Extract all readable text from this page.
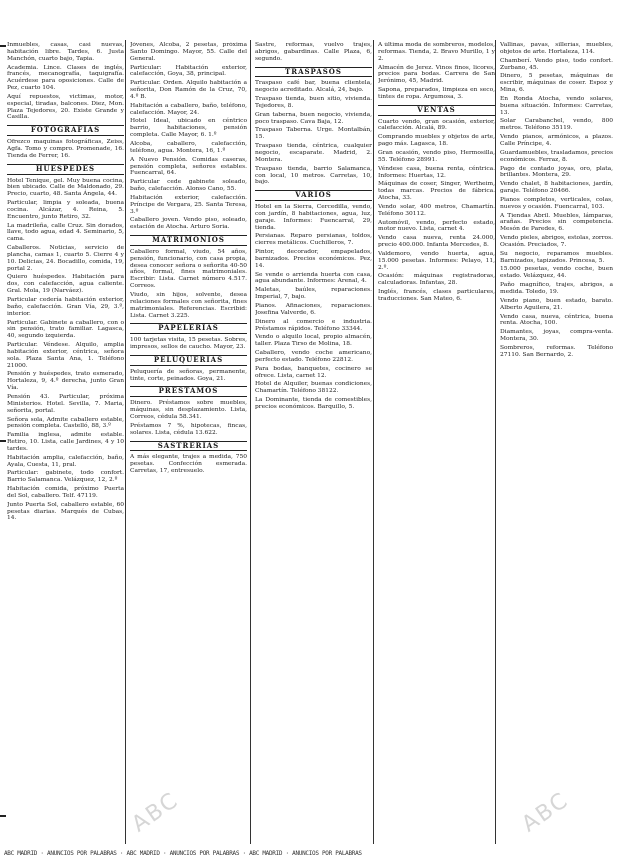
Inmuebles, casas, casi nuevas, habitación libre. Tardes, 6. Justa Manchón, cuarto bajo, Tapia.
Academia. Lince. Clases de inglés, francés, mecanografía, taquigrafía. Acuérdese para oposiciones. Calle de Pez, cuarto 104.
Aquí repuestos, victimas, motor, especial, tiradas, balcones. Diez, Mon. Plaza Tejedores, 20. Existe Grande y Casilla.
FOTOGRAFIAS
Ofrezco maquinas fotográficas, Zeiss, Agfa. Tomo y compro. Promenade, 16. Tienda de Ferrer, 16.
HUESPEDES
Hotel Tenique, gel. Muy buena cocina, bien ubicado. Calle de Maldonado, 29. Precio, cuarto, 48. Santa Ángela, 44.
Particular, limpia y soleada, buena cocina. Alcázar, 4. Reina, 5. Encuentro, junto Retiro, 32.
La madrileña, calle Cruz. Sin dorados, llave, todo agua, edad 4. Seminario, 5, cama.
Caballeros. Noticias, servicio de plancha, camas 1, cuarto 5. Cierre 4 y 10. Delicias, 24. Bocadillo, comida, 19, portal 2.
Quiero huéspedes. Habitación para dos, con calefacción, agua caliente. Gral. Mola, 19 (Narváez).
Particular cedería habitación exterior, baño, calefacción. Gran Vía, 29, 3.º, interior.
Particular. Gabinete a caballero, con o sin pensión, trato familiar. Lagasca, 40, segundo izquierda.
Particular. Véndese. Alquilo, amplia habitación exterior, céntrica, señora sola. Plaza Santa Ana, 1. Teléfono 21000.
Pensión y huéspedes, trato esmerado, Hortaleza, 9, 4.º derecha, junto Gran Vía.
Pensión 43. Particular, próxima Ministerios. Hotel. Sevilla, 7. Maria, señorita, portal.
Señora sola, Admite caballero estable, pensión completa. Castelló, 88, 3.º
Familia inglesa, admite estable. Retiro, 10. Lista, calle Jardines, 4 y 10 tardes.
Habitación amplia, calefacción, baño, Ayala, Cuesta, 11, pral.
Particular: gabinete, todo confort. Barrio Salamanca. Velázquez, 12, 2.º
Habitación comida, próximo Puerta del Sol, caballero. Telf. 47119.
Junto Puerta Sol, caballero estable, 60 pesetas diarias. Marqués de Cubas, 14.
Jóvenes, Alcoba, 2 pesetas, próxima Santo Domingo. Mayor, 55. Calle del General.
Particular: Habitación exterior, calefacción, Goya, 38, principal.
Particular. Orden. Alquilo habitación a señorita, Don Ramón de la Cruz, 70, 4.º B.
Habitación a caballero, baño, teléfono, calefacción. Mayor, 24.
Hotel Ideal, ubicado en céntrico barrio, habitaciones, pensión completa. Calle Mayor, 6. 1.º
Alcoba, caballero, calefacción, teléfono, agua. Montera, 16, 1.º
A Nuevo Pensión. Comidas caseras, pensión completa, señores estables. Fuencarral, 64.
Particular cede gabinete soleado, baño, calefacción. Alonso Cano, 55.
Habitación exterior, calefacción. Príncipe de Vergara, 25. Santa Teresa, 3.º
Caballero joven. Vendo piso, soleado, estación de Atocha. Arturo Soria.
MATRIMONIOS
Caballero formal, viudo, 54 años, pensión, funcionario, con casa propia, desea conocer señora o señorita 40-50 años, formal, fines matrimoniales. Escribir: Lista. Carnet número 4.517. Correos.
Viudo, sin hijos, solvente, desea relaciones formales con señorita, fines matrimoniales. Referencias. Escribid: Lista. Carnet 3.225.
PAPELERIAS
100 tarjetas visita, 15 pesetas. Sobres, impresos, sellos de caucho. Mayor, 23.
PELUQUERIAS
Peluquería de señoras, permanente, tinte, corte, peinados. Goya, 21.
PRESTAMOS
Dinero. Préstamos sobre muebles, máquinas, sin desplazamiento. Lista, Correos, cédula 58.341.
Préstamos 7 %, hipotecas, fincas, solares. Lista, cédula 13.622.
SASTRERIAS
A más elegante, trajes a medida, 750 pesetas. Confección esmerada. Carretas, 17, entresuelo.
Sastre, reformas, vuelvo trajes, abrigos, gabardinas. Calle Plaza, 6, segundo.
TRASPASOS
Traspaso café bar, buena clientela, negocio acreditado. Alcalá, 24, bajo.
Traspaso tienda, buen sitio, vivienda. Tejedores, 8.
Gran taberna, buen negocio, vivienda, poco traspaso. Cava Baja, 12.
Traspaso Taberna. Urge. Montalbán, 15.
Traspaso tienda, céntrica, cualquier negocio, escaparate. Madrid, 2. Montera.
Traspaso tienda, barrio Salamanca, con local, 10 metros. Carretas, 10, bajo.
VARIOS
Hotel en la Sierra, Cercedilla, vendo, con jardín, 8 habitaciones, agua, luz, garaje. Informes: Fuencarral, 29, tienda.
Persianas. Reparo persianas, toldos, cierres metálicos. Cuchilleros, 7.
Pintor, decorador, empapelados, barnizados. Precios económicos. Pez, 14.
Se vende o arrienda huerta con casa, agua abundante. Informes: Arenal, 4.
Maletas, baúles, reparaciones. Imperial, 7, bajo.
Pianos. Afinaciones, reparaciones. Josefina Valverde, 6.
Dinero al comercio e industria. Préstamos rápidos. Teléfono 33344.
Vendo o alquilo local, propio almacén, taller. Plaza Tirso de Molina, 18.
Caballero, vendo coche americano, perfecto estado. Teléfono 22812.
Para bodas, banquetes, cocinero se ofrece. Lista, carnet 12.
Hotel de Alquiler, buenas condiciones, Chamartín. Teléfono 38122.
La Dominante, tienda de comestibles, precios económicos. Barquillo, 5.
A última moda de sombreros, modelos, reformas. Tienda, 2. Bravo Murillo, 1 y 2.
Almacén de Jerez. Vinos finos, licores, precios para bodas. Carrera de San Jerónimo, 45, Madrid.
Sapona, preparados, limpieza en seco, tintes de ropa. Argumosa, 3.
VENTAS
Cuarto vendo, gran ocasión, exterior, calefacción. Alcalá, 89.
Comprando muebles y objetos de arte, pago más. Lagasca, 18.
Gran ocasión, vendo piso, Hermosilla, 55. Teléfono 28991.
Véndese casa, buena renta, céntrica. Informes: Huertas, 12.
Máquinas de coser, Singer, Wertheim, todas marcas. Precios de fábrica. Atocha, 33.
Vendo solar, 400 metros, Chamartín. Teléfono 30112.
Automóvil, vendo, perfecto estado, motor nuevo. Lista, carnet 4.
Vendo casa nueva, renta 24.000, precio 400.000. Infanta Mercedes, 8.
Valdemoro, vendo huerta, agua, 15.000 pesetas. Informes: Pelayo, 11, 2.º.
Ocasión: máquinas registradoras, calculadoras. Infantas, 28.
Inglés, francés, clases particulares, traducciones. San Mateo, 6.
Vallinas, pavas, sillerías, muebles, objetos de arte. Hortaleza, 114.
Chamberí. Vendo piso, todo confort. Zurbano, 45.
Dinero, 5 pesetas, máquinas de escribir, máquinas de coser. Espoz y Mina, 6.
En Ronda Atocha, vendo solares, buena situación. Informes: Carretas, 13.
Solar Carabanchel, vendo, 800 metros. Teléfono 35119.
Vendo pianos, armónicos, a plazos. Calle Príncipe, 4.
Guardamuebles, trasladamos, precios económicos. Ferraz, 8.
Pago de contado joyas, oro, plata, brillantes. Montera, 29.
Vendo chalet, 8 habitaciones, jardín, garaje. Teléfono 20466.
Pianos completos, verticales, colas, nuevos y ocasión. Fuencarral, 103.
A Tiendas Abril. Muebles, lámparas, arañas. Precios sin competencia. Mesón de Paredes, 6.
Vendo pieles, abrigos, estolas, zorros. Ocasión. Preciados, 7.
Su negocio, reparamos muebles. Barnizados, tapizados. Princesa, 5.
15.000 pesetas, vendo coche, buen estado. Velázquez, 44.
Paño magnífico, trajes, abrigos, a medida. Toledo, 19.
Vendo piano, buen estado, barato. Alberto Aguilera, 21.
Vendo casa, nueva, céntrica, buena renta. Atocha, 100.
Diamantes, joyas, compra-venta. Montera, 30.
Sombreros, reformas. Teléfono 27110. San Bernardo, 2.
ABC	ABC
ABC MADRID · ANUNCIOS POR PALABRAS · ABC MADRID · ANUNCIOS POR PALABRAS · ABC MADRID · ANUNCIOS POR PALABRAS
